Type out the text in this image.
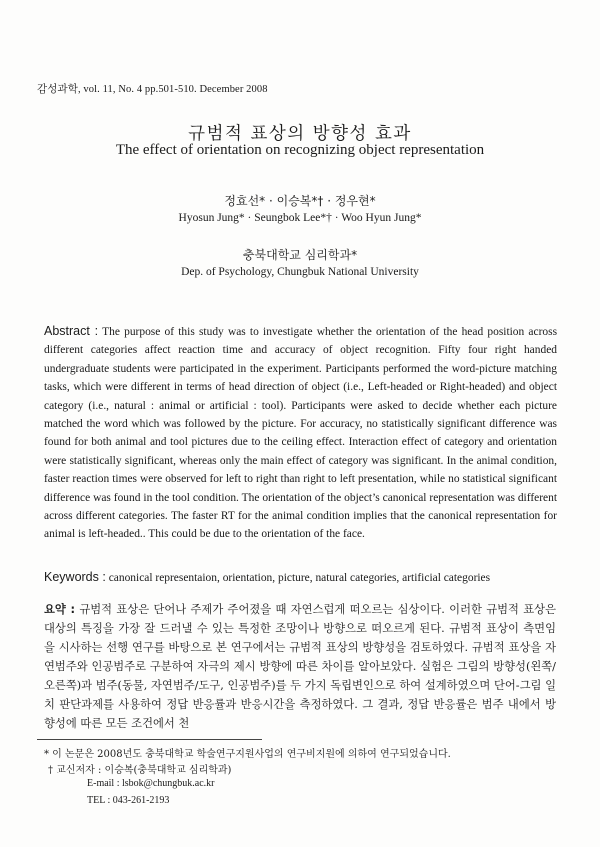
감성과학, vol. 11, No. 4 pp.501-510. December 2008
규범적 표상의 방향성 효과
The effect of orientation on recognizing object representation
정효선* · 이승복*† · 정우현*
Hyosun Jung* · Seungbok Lee*† · Woo Hyun Jung*
충북대학교 심리학과*
Dep. of Psychology, Chungbuk National University
Abstract : The purpose of this study was to investigate whether the orientation of the head position across different categories affect reaction time and accuracy of object recognition. Fifty four right handed undergraduate students were participated in the experiment. Participants performed the word-picture matching tasks, which were different in terms of head direction of object (i.e., Left-headed or Right-headed) and object category (i.e., natural : animal or artificial : tool). Participants were asked to decide whether each picture matched the word which was followed by the picture. For accuracy, no statistically significant difference was found for both animal and tool pictures due to the ceiling effect. Interaction effect of category and orientation were statistically significant, whereas only the main effect of category was significant. In the animal condition, faster reaction times were observed for left to right than right to left presentation, while no statistical significant difference was found in the tool condition. The orientation of the object’s canonical representation was different across different categories. The faster RT for the animal condition implies that the canonical representation for animal is left-headed.. This could be due to the orientation of the face.
Keywords : canonical representaion, orientation, picture, natural categories, artificial categories
요약 : 규범적 표상은 단어나 주제가 주어졌을 때 자연스럽게 떠오르는 심상이다. 이러한 규범적 표상은 대상의 특징을 가장 잘 드러낼 수 있는 특정한 조망이나 방향으로 떠오르게 된다. 규범적 표상이 측면임을 시사하는 선행 연구를 바탕으로 본 연구에서는 규범적 표상의 방향성을 검토하였다. 규범적 표상을 자연범주와 인공범주로 구분하여 자극의 제시 방향에 따른 차이를 알아보았다. 실험은 그림의 방향성(왼쪽/오른쪽)과 범주(동물, 자연범주/도구, 인공범주)를 두 가지 독립변인으로 하여 설계하였으며 단어-그림 일치 판단과제를 사용하여 정답 반응률과 반응시간을 측정하였다. 그 결과, 정답 반응률은 범주 내에서 방향성에 따른 모든 조건에서 천
* 이 논문은 2008년도 충북대학교 학술연구지원사업의 연구비지원에 의하여 연구되었습니다.
† 교신저자 : 이승복(충북대학교 심리학과)
E-mail : lsbok@chungbuk.ac.kr
TEL : 043-261-2193
